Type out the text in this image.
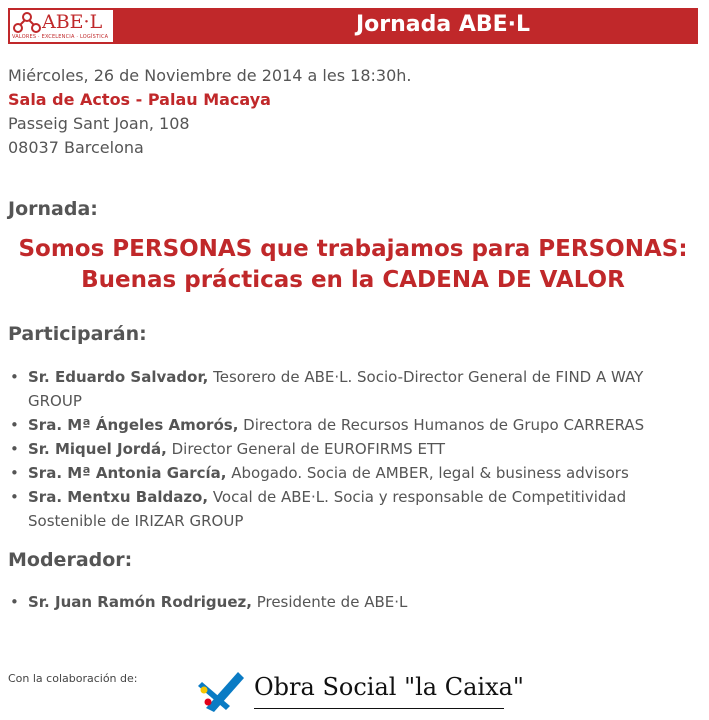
ABE·L
VALORES · EXCELENCIA · LOGÍSTICA	Jornada ABE·L
Miércoles, 26 de Noviembre de 2014 a les 18:30h.
Sala de Actos - Palau Macaya
Passeig Sant Joan, 108
08037 Barcelona
Jornada:
Somos PERSONAS que trabajamos para PERSONAS:
Buenas prácticas en la CADENA DE VALOR
Participarán:
• Sr. Eduardo Salvador, Tesorero de ABE·L. Socio-Director General de FIND A WAY GROUP
• Sra. Mª Ángeles Amorós, Directora de Recursos Humanos de Grupo CARRERAS
• Sr. Miquel Jordá, Director General de EUROFIRMS ETT
• Sra. Mª Antonia García, Abogado. Socia de AMBER, legal & business advisors
• Sra. Mentxu Baldazo, Vocal de ABE·L. Socia y responsable de Competitividad Sostenible de IRIZAR GROUP
Moderador:
• Sr. Juan Ramón Rodriguez, Presidente de ABE·L
Con la colaboración de:	Obra Social "la Caixa"
